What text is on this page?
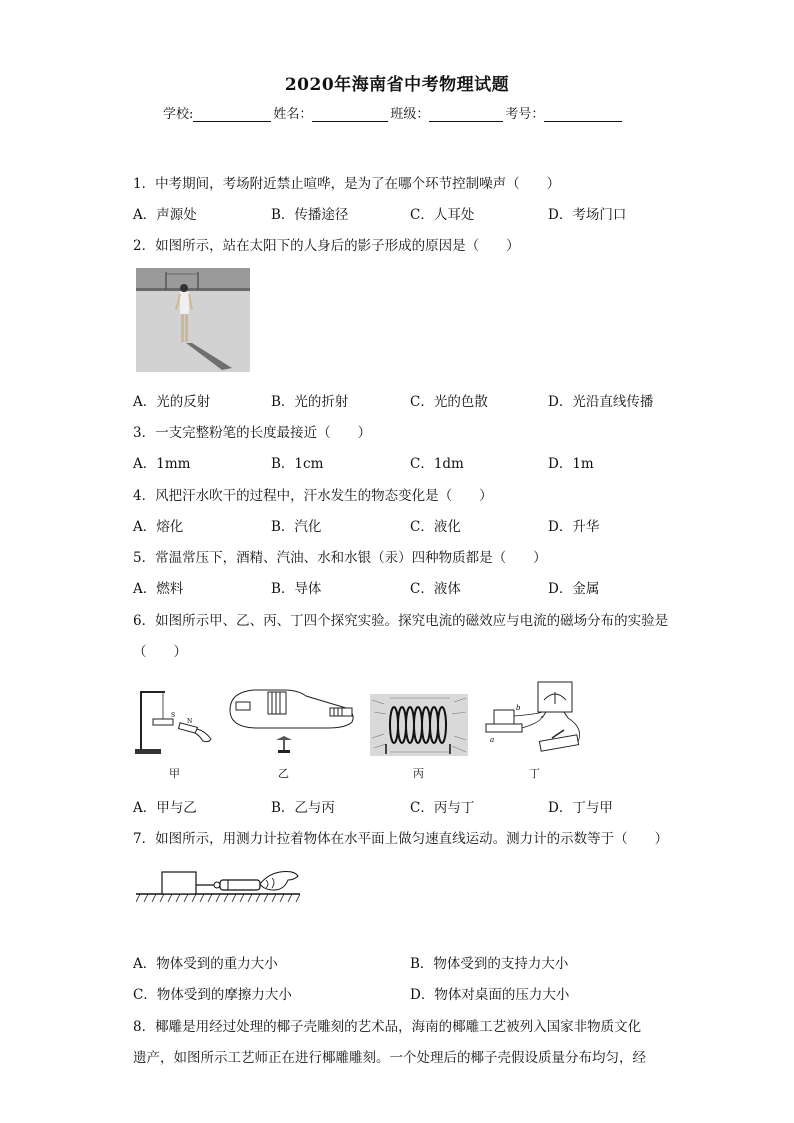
2020年海南省中考物理试题
学校:	姓名：	班级：	考号：
1．中考期间，考场附近禁止喧哗，是为了在哪个环节控制噪声（　　）
A．声源处	B．传播途径	C．人耳处	D．考场门口
2．如图所示，站在太阳下的人身后的影子形成的原因是（　　）
A．光的反射	B．光的折射	C．光的色散	D．光沿直线传播
3．一支完整粉笔的长度最接近（　　）
A．1mm	B．1cm	C．1dm	D．1m
4．风把汗水吹干的过程中，汗水发生的物态变化是（　　）
A．熔化	B．汽化	C．液化	D．升华
5．常温常压下，酒精、汽油、水和水银（汞）四种物质都是（　　）
A．燃料	B．导体	C．液体	D．金属
6．如图所示甲、乙、丙、丁四个探究实验。探究电流的磁效应与电流的磁场分布的实验是
（　　）
S
N
甲	乙	丙
a
b
丁
A．甲与乙	B．乙与丙	C．丙与丁	D．丁与甲
7．如图所示，用测力计拉着物体在水平面上做匀速直线运动。测力计的示数等于（　　）
A．物体受到的重力大小	B．物体受到的支持力大小
C．物体受到的摩擦力大小	D．物体对桌面的压力大小
8．椰雕是用经过处理的椰子壳雕刻的艺术品，海南的椰雕工艺被列入国家非物质文化
遗产，如图所示工艺师正在进行椰雕雕刻。一个处理后的椰子壳假设质量分布均匀，经
